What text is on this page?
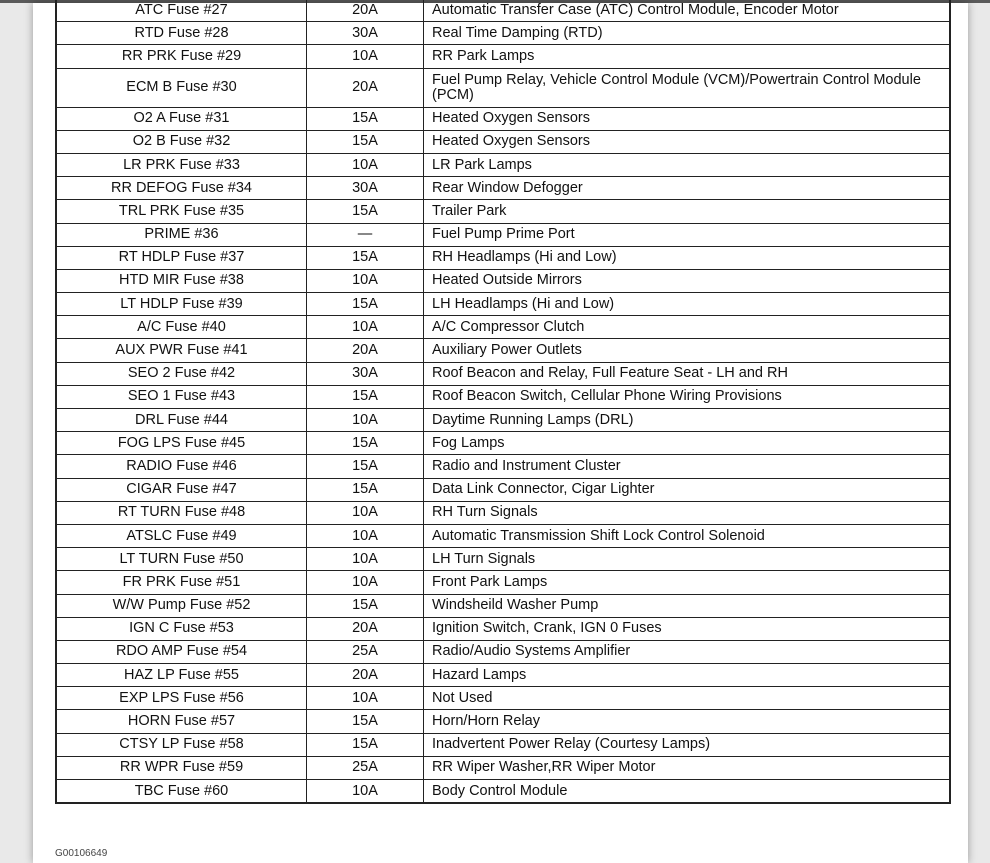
ATC Fuse #27	20A	Automatic Transfer Case (ATC) Control Module, Encoder Motor
RTD Fuse #28	30A	Real Time Damping (RTD)
RR PRK Fuse #29	10A	RR Park Lamps
ECM B Fuse #30	20A	Fuel Pump Relay, Vehicle Control Module (VCM)/Powertrain Control Module (PCM)
O2 A Fuse #31	15A	Heated Oxygen Sensors
O2 B Fuse #32	15A	Heated Oxygen Sensors
LR PRK Fuse #33	10A	LR Park Lamps
RR DEFOG Fuse #34	30A	Rear Window Defogger
TRL PRK Fuse #35	15A	Trailer Park
PRIME #36	—	Fuel Pump Prime Port
RT HDLP Fuse #37	15A	RH Headlamps (Hi and Low)
HTD MIR Fuse #38	10A	Heated Outside Mirrors
LT HDLP Fuse #39	15A	LH Headlamps (Hi and Low)
A/C Fuse #40	10A	A/C Compressor Clutch
AUX PWR Fuse #41	20A	Auxiliary Power Outlets
SEO 2 Fuse #42	30A	Roof Beacon and Relay, Full Feature Seat - LH and RH
SEO 1 Fuse #43	15A	Roof Beacon Switch, Cellular Phone Wiring Provisions
DRL Fuse #44	10A	Daytime Running Lamps (DRL)
FOG LPS Fuse #45	15A	Fog Lamps
RADIO Fuse #46	15A	Radio and Instrument Cluster
CIGAR Fuse #47	15A	Data Link Connector, Cigar Lighter
RT TURN Fuse #48	10A	RH Turn Signals
ATSLC Fuse #49	10A	Automatic Transmission Shift Lock Control Solenoid
LT TURN Fuse #50	10A	LH Turn Signals
FR PRK Fuse #51	10A	Front Park Lamps
W/W Pump Fuse #52	15A	Windsheild Washer Pump
IGN C Fuse #53	20A	Ignition Switch, Crank, IGN 0 Fuses
RDO AMP Fuse #54	25A	Radio/Audio Systems Amplifier
HAZ LP Fuse #55	20A	Hazard Lamps
EXP LPS Fuse #56	10A	Not Used
HORN Fuse #57	15A	Horn/Horn Relay
CTSY LP Fuse #58	15A	Inadvertent Power Relay (Courtesy Lamps)
RR WPR Fuse #59	25A	RR Wiper Washer,RR Wiper Motor
TBC Fuse #60	10A	Body Control Module
G00106649
